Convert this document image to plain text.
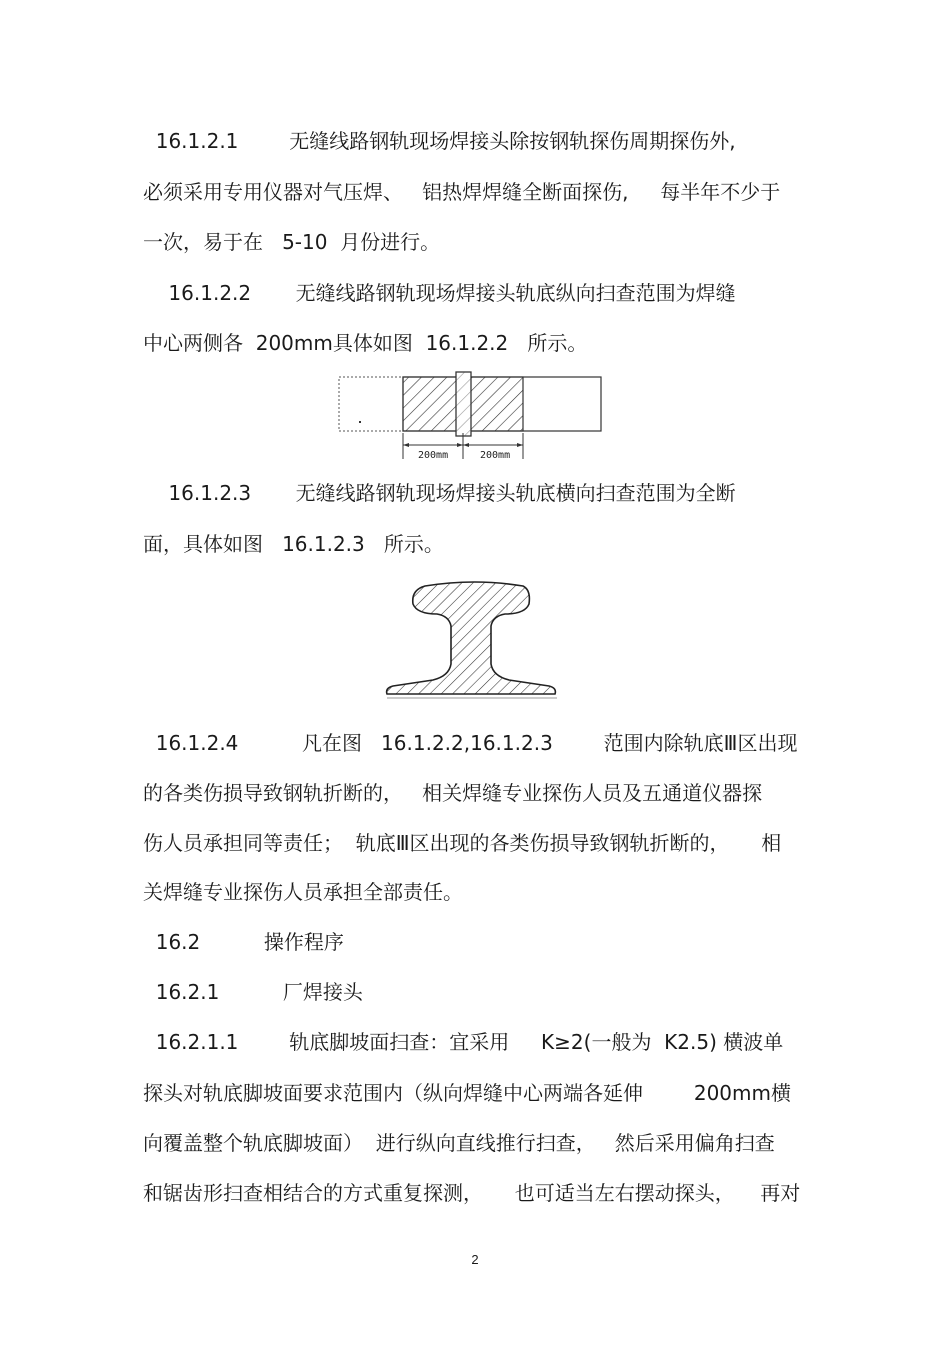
16.1.2.1        无缝线路钢轨现场焊接头除按钢轨探伤周期探伤外,
必须采用专用仪器对气压焊、   铝热焊焊缝全断面探伤,     每半年不少于
一次，易于在   5-10  月份进行。
16.1.2.2       无缝线路钢轨现场焊接头轨底纵向扫查范围为焊缝
中心两侧各  200mm具体如图  16.1.2.2   所示。
200mm	200mm
16.1.2.3       无缝线路钢轨现场焊接头轨底横向扫查范围为全断
面，具体如图   16.1.2.3   所示。
16.1.2.4          凡在图   16.1.2.2,16.1.2.3        范围内除轨底Ⅲ区出现
的各类伤损导致钢轨折断的，   相关焊缝专业探伤人员及五通道仪器探
伤人员承担同等责任；  轨底Ⅲ区出现的各类伤损导致钢轨折断的，     相
关焊缝专业探伤人员承担全部责任。
16.2          操作程序
16.2.1          厂焊接头
16.2.1.1        轨底脚坡面扫查：宜采用     K≥2(一般为  K2.5) 横波单
探头对轨底脚坡面要求范围内（纵向焊缝中心两端各延伸        200mm横
向覆盖整个轨底脚坡面）  进行纵向直线推行扫查，   然后采用偏角扫查
和锯齿形扫查相结合的方式重复探测，     也可适当左右摆动探头，    再对
2
